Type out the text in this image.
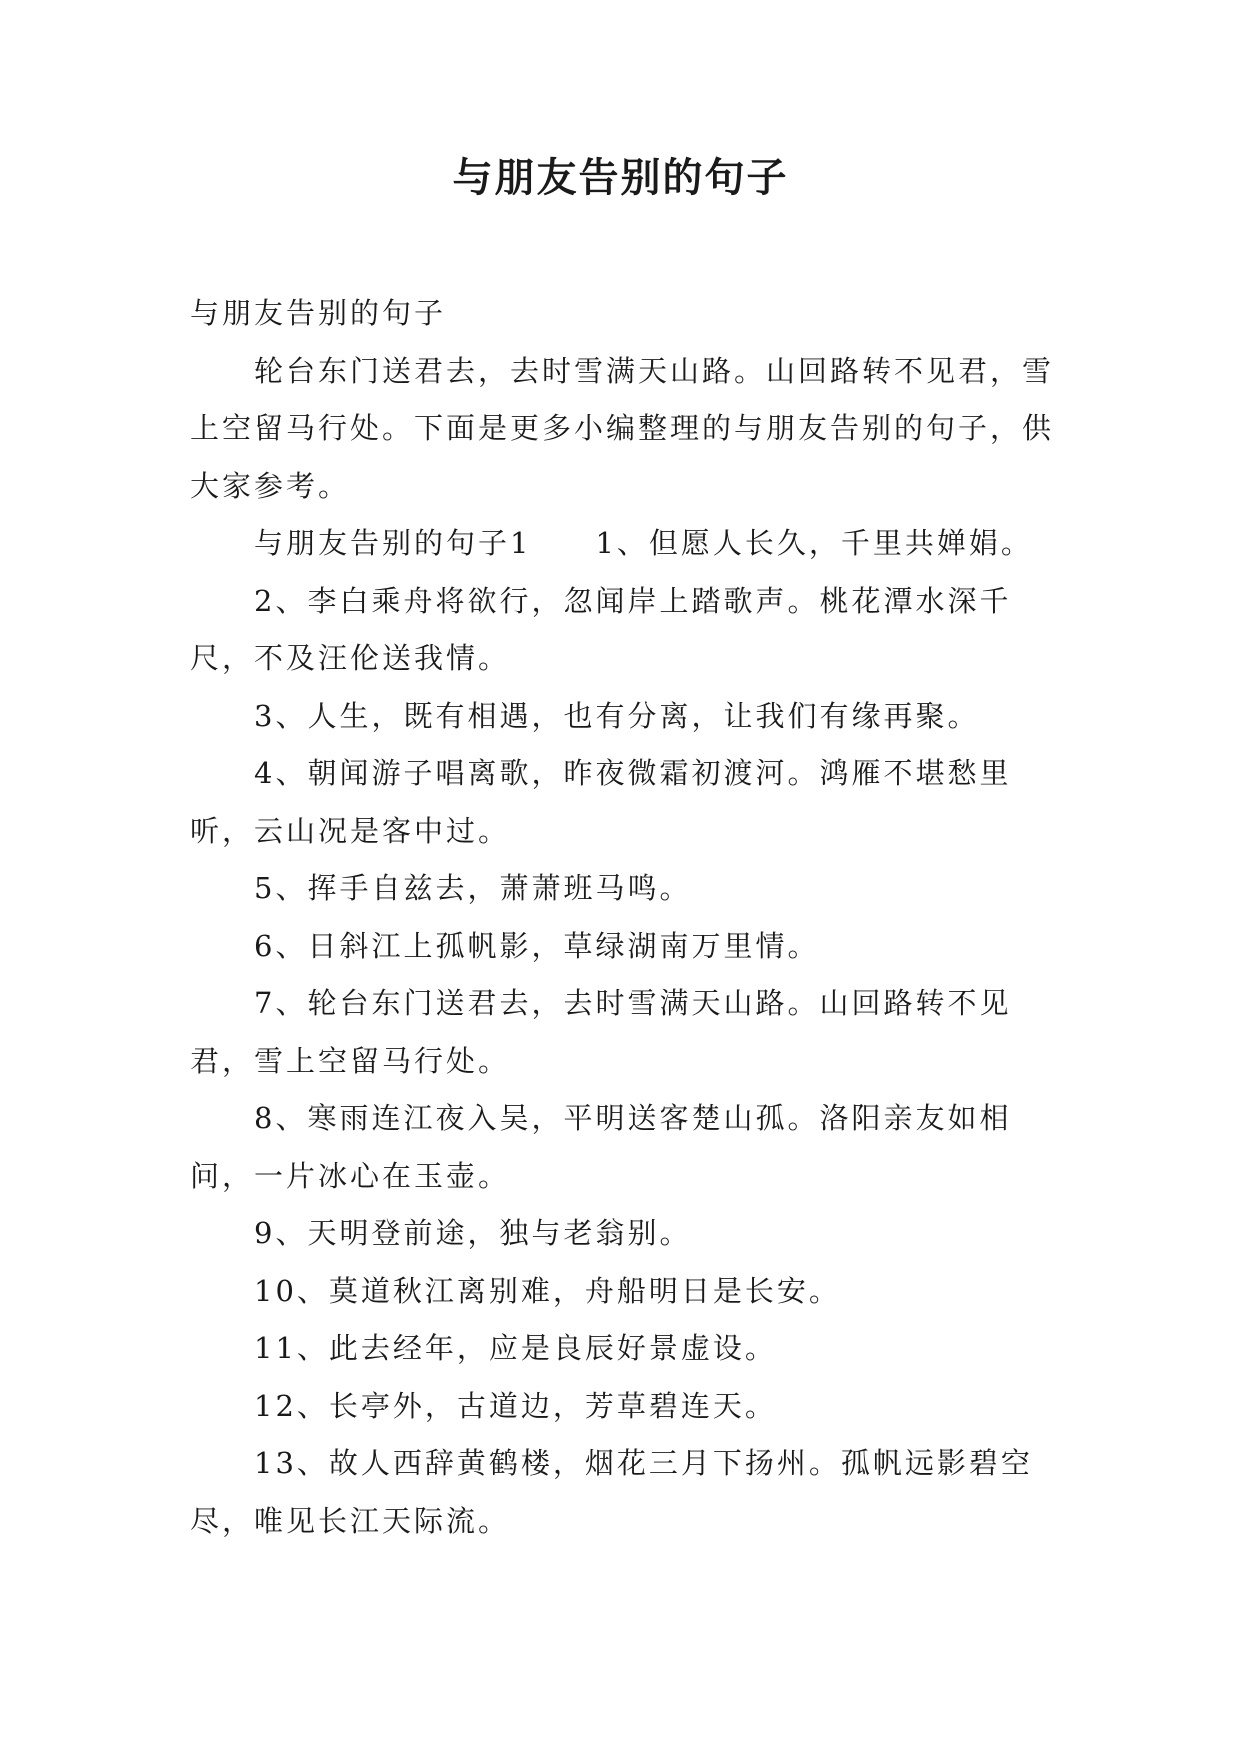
与朋友告别的句子

与朋友告别的句子

轮台东门送君去，去时雪满天山路。山回路转不见君，雪上空留马行处。下面是更多小编整理的与朋友告别的句子，供大家参考。

与朋友告别的句子1　　1、但愿人长久，千里共婵娟。

2、李白乘舟将欲行，忽闻岸上踏歌声。桃花潭水深千尺，不及汪伦送我情。

3、人生，既有相遇，也有分离，让我们有缘再聚。

4、朝闻游子唱离歌，昨夜微霜初渡河。鸿雁不堪愁里听，云山况是客中过。

5、挥手自兹去，萧萧班马鸣。

6、日斜江上孤帆影，草绿湖南万里情。

7、轮台东门送君去，去时雪满天山路。山回路转不见君，雪上空留马行处。

8、寒雨连江夜入吴，平明送客楚山孤。洛阳亲友如相问，一片冰心在玉壶。

9、天明登前途，独与老翁别。

10、莫道秋江离别难，舟船明日是长安。

11、此去经年，应是良辰好景虚设。

12、长亭外，古道边，芳草碧连天。

13、故人西辞黄鹤楼，烟花三月下扬州。孤帆远影碧空尽，唯见长江天际流。
